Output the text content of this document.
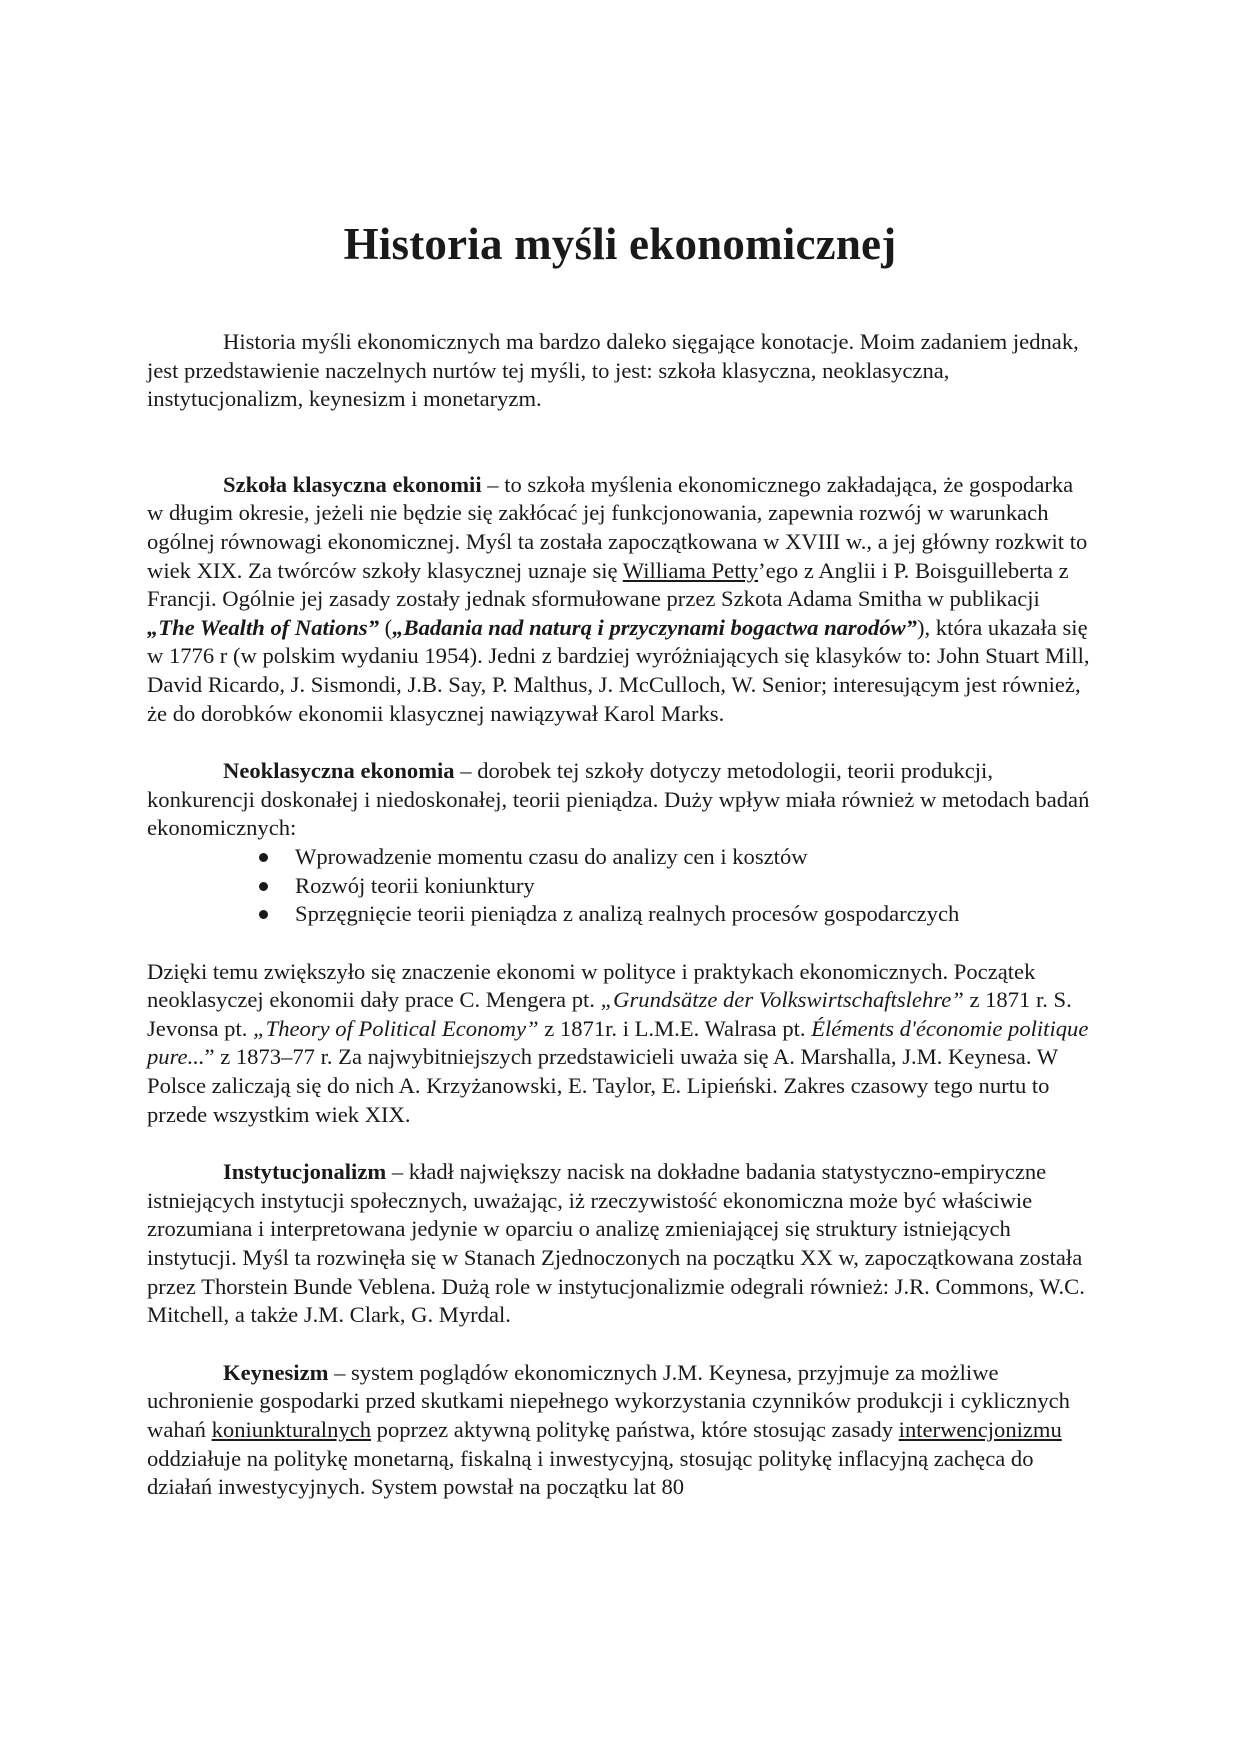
Historia myśli ekonomicznej

Historia myśli ekonomicznych ma bardzo daleko sięgające konotacje. Moim zadaniem jednak, jest przedstawienie naczelnych nurtów tej myśli, to jest: szkoła klasyczna, neoklasyczna, instytucjonalizm, keynesizm i monetaryzm.

Szkoła klasyczna ekonomii – to szkoła myślenia ekonomicznego zakładająca, że gospodarka w długim okresie, jeżeli nie będzie się zakłócać jej funkcjonowania, zapewnia rozwój w warunkach ogólnej równowagi ekonomicznej. Myśl ta została zapoczątkowana w XVIII w., a jej główny rozkwit to wiek XIX. Za twórców szkoły klasycznej uznaje się Williama Petty’ego z Anglii i P. Boisguilleberta z Francji. Ogólnie jej zasady zostały jednak sformułowane przez Szkota Adama Smitha w publikacji „The Wealth of Nations” („Badania nad naturą i przyczynami bogactwa narodów”), która ukazała się w 1776 r (w polskim wydaniu 1954). Jedni z bardziej wyróżniających się klasyków to: John Stuart Mill, David Ricardo, J. Sismondi, J.B. Say, P. Malthus, J. McCulloch, W. Senior; interesującym jest również, że do dorobków ekonomii klasycznej nawiązywał Karol Marks.

Neoklasyczna ekonomia – dorobek tej szkoły dotyczy metodologii, teorii produkcji, konkurencji doskonałej i niedoskonałej, teorii pieniądza. Duży wpływ miała również w metodach badań ekonomicznych:

Wprowadzenie momentu czasu do analizy cen i kosztów
Rozwój teorii koniunktury
Sprzęgnięcie teorii pieniądza z analizą realnych procesów gospodarczych

Dzięki temu zwiększyło się znaczenie ekonomi w polityce i praktykach ekonomicznych. Początek neoklasyczej ekonomii dały prace C. Mengera pt. „Grundsätze der Volkswirtschaftslehre” z 1871 r. S. Jevonsa pt. „Theory of Political Economy” z 1871r. i L.M.E. Walrasa pt. Éléments d'économie politique pure...” z 1873–77 r. Za najwybitniejszych przedstawicieli uważa się A. Marshalla, J.M. Keynesa. W Polsce zaliczają się do nich A. Krzyżanowski, E. Taylor, E. Lipieński. Zakres czasowy tego nurtu to przede wszystkim wiek XIX.

Instytucjonalizm – kładł największy nacisk na dokładne badania statystyczno-empiryczne istniejących instytucji społecznych, uważając, iż rzeczywistość ekonomiczna może być właściwie zrozumiana i interpretowana jedynie w oparciu o analizę zmieniającej się struktury istniejących instytucji. Myśl ta rozwinęła się w Stanach Zjednoczonych na początku XX w, zapoczątkowana została przez Thorstein Bunde Veblena. Dużą role w instytucjonalizmie odegrali również: J.R. Commons, W.C. Mitchell, a także J.M. Clark, G. Myrdal.

Keynesizm – system poglądów ekonomicznych J.M. Keynesa, przyjmuje za możliwe uchronienie gospodarki przed skutkami niepełnego wykorzystania czynników produkcji i cyklicznych wahań koniunkturalnych poprzez aktywną politykę państwa, które stosując zasady interwencjonizmu oddziałuje na politykę monetarną, fiskalną i inwestycyjną, stosując politykę inflacyjną zachęca do działań inwestycyjnych. System powstał na początku lat 80
